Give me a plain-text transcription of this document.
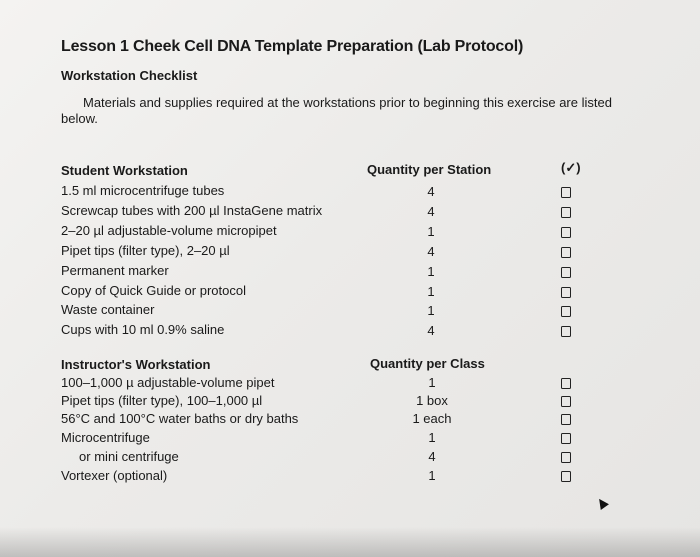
Lesson 1 Cheek Cell DNA Template Preparation (Lab Protocol)
Workstation Checklist
Materials and supplies required at the workstations prior to beginning this exercise are listed below.
Student Workstation	Quantity per Station	(✓)
1.5 ml microcentrifuge tubes	4
Screwcap tubes with 200 µl InstaGene matrix	4
2–20 µl adjustable-volume micropipet	1
Pipet tips (filter type), 2–20 µl	4
Permanent marker	1
Copy of Quick Guide or protocol	1
Waste container	1
Cups with 10 ml 0.9% saline	4
Instructor's Workstation	Quantity per Class
100–1,000 µ adjustable-volume pipet	1
Pipet tips (filter type), 100–1,000 µl	1 box
56°C and 100°C water baths or dry baths	1 each
Microcentrifuge	1
or mini centrifuge	4
Vortexer (optional)	1
